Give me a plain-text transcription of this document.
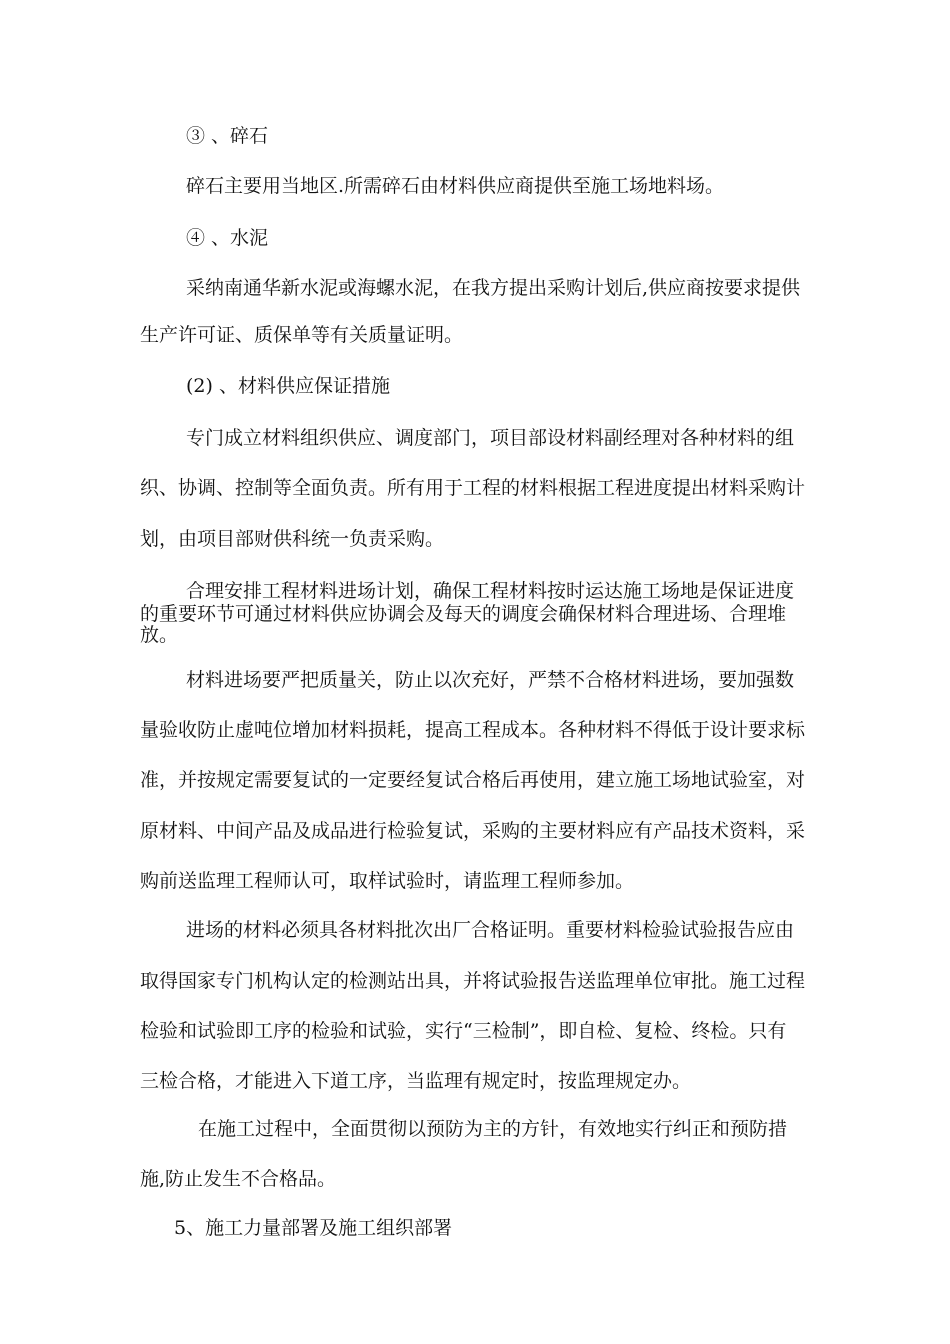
③ 、碎石

碎石主要用当地区.所需碎石由材料供应商提供至施工场地料场。

④ 、水泥

采纳南通华新水泥或海螺水泥，在我方提出采购计划后,供应商按要求提供

生产许可证、质保单等有关质量证明。

(2) 、材料供应保证措施

专门成立材料组织供应、调度部门，项目部设材料副经理对各种材料的组

织、协调、控制等全面负责。所有用于工程的材料根据工程进度提出材料采购计

划，由项目部财供科统一负责采购。

合理安排工程材料进场计划，确保工程材料按时运达施工场地是保证进度

的重要环节可通过材料供应协调会及每天的调度会确保材料合理进场、合理堆

放。

材料进场要严把质量关，防止以次充好，严禁不合格材料进场，要加强数

量验收防止虚吨位增加材料损耗，提高工程成本。各种材料不得低于设计要求标

准，并按规定需要复试的一定要经复试合格后再使用，建立施工场地试验室，对

原材料、中间产品及成品进行检验复试，采购的主要材料应有产品技术资料，采

购前送监理工程师认可，取样试验时，请监理工程师参加。

进场的材料必须具各材料批次出厂合格证明。重要材料检验试验报告应由

取得国家专门机构认定的检测站出具，并将试验报告送监理单位审批。施工过程

检验和试验即工序的检验和试验，实行“三检制”，即自检、复检、终检。只有

三检合格，才能进入下道工序，当监理有规定时，按监理规定办。

在施工过程中，全面贯彻以预防为主的方针，有效地实行纠正和预防措

施,防止发生不合格品。

5、施工力量部署及施工组织部署
